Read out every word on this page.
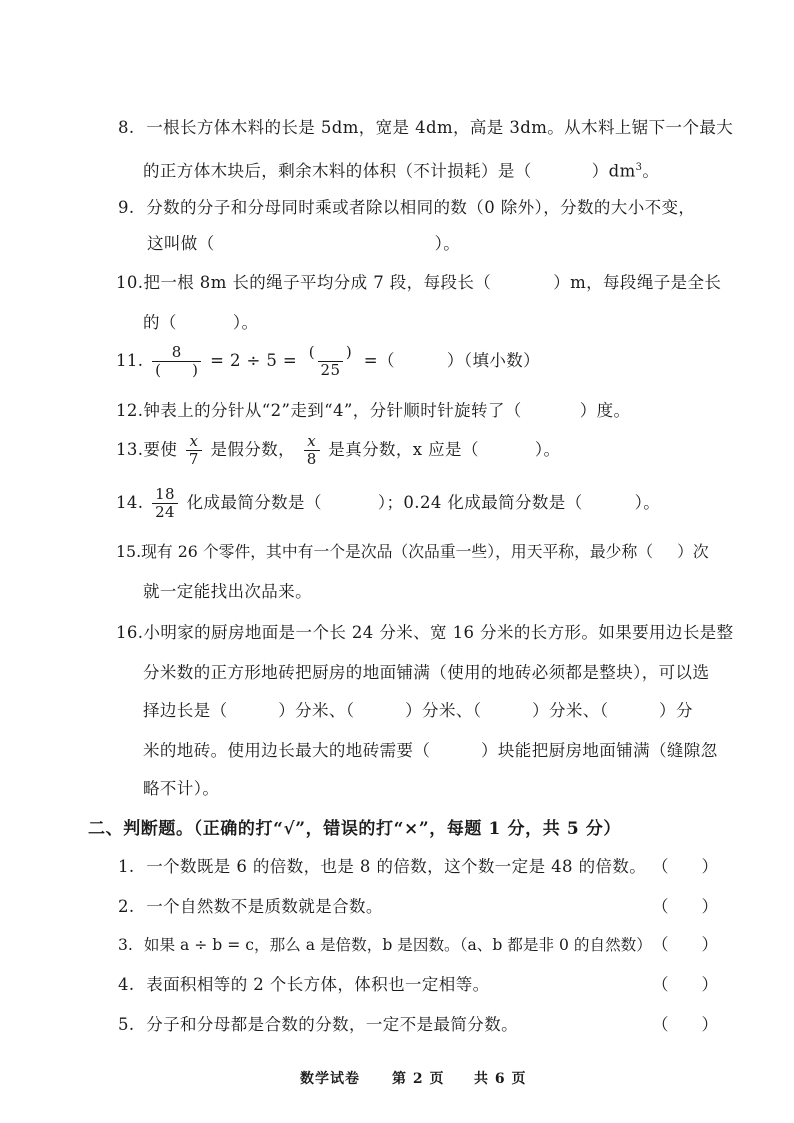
8. 一根长方体木料的长是 5dm，宽是 4dm，高是 3dm。从木料上锯下一个最大
的正方体木块后，剩余木料的体积（不计损耗）是（	）$dm^3$。
9. 分数的分子和分母同时乘或者除以相同的数（0 除外），分数的大小不变，
这叫做（	）。
10.把一根 8m 长的绳子平均分成 7 段，每段长（	）m，每段绳子是全长
的（	）。
11. $\frac{8}{( )} = 2 \div 5 = \frac{( )}{25}$ =（	）（填小数）
12.钟表上的分针从“2”走到“4”，分针顺时针旋转了（	）度。
13.要使 $\frac{x}{7}$ 是假分数， $\frac{x}{8}$ 是真分数，x 应是（	）。
14. $\frac{18}{24}$ 化成最简分数是（	）；0.24 化成最简分数是（	）。
15.现有 26 个零件，其中有一个是次品（次品重一些），用天平称，最少称（ ）次
就一定能找出次品来。
16.小明家的厨房地面是一个长 24 分米、宽 16 分米的长方形。如果要用边长是整
分米数的正方形地砖把厨房的地面铺满（使用的地砖必须都是整块），可以选
择边长是（　　　）分米、（　　　）分米、（　　　）分米、（　　　）分
米的地砖。使用边长最大的地砖需要（　　　）块能把厨房地面铺满（缝隙忽
略不计）。
二、判断题。（正确的打“√”，错误的打“×”，每题 1 分，共 5 分）
1. 一个数既是 6 的倍数，也是 8 的倍数，这个数一定是 48 的倍数。 （　　）
2. 一个自然数不是质数就是合数。	（　　）
3. 如果 a ÷ b = c，那么 a 是倍数，b 是因数。（a、b 都是非 0 的自然数） （　　）
4. 表面积相等的 2 个长方体，体积也一定相等。	（　　）
5. 分子和分母都是合数的分数，一定不是最简分数。	（　　）
数学试卷 第 2 页 共 6 页
